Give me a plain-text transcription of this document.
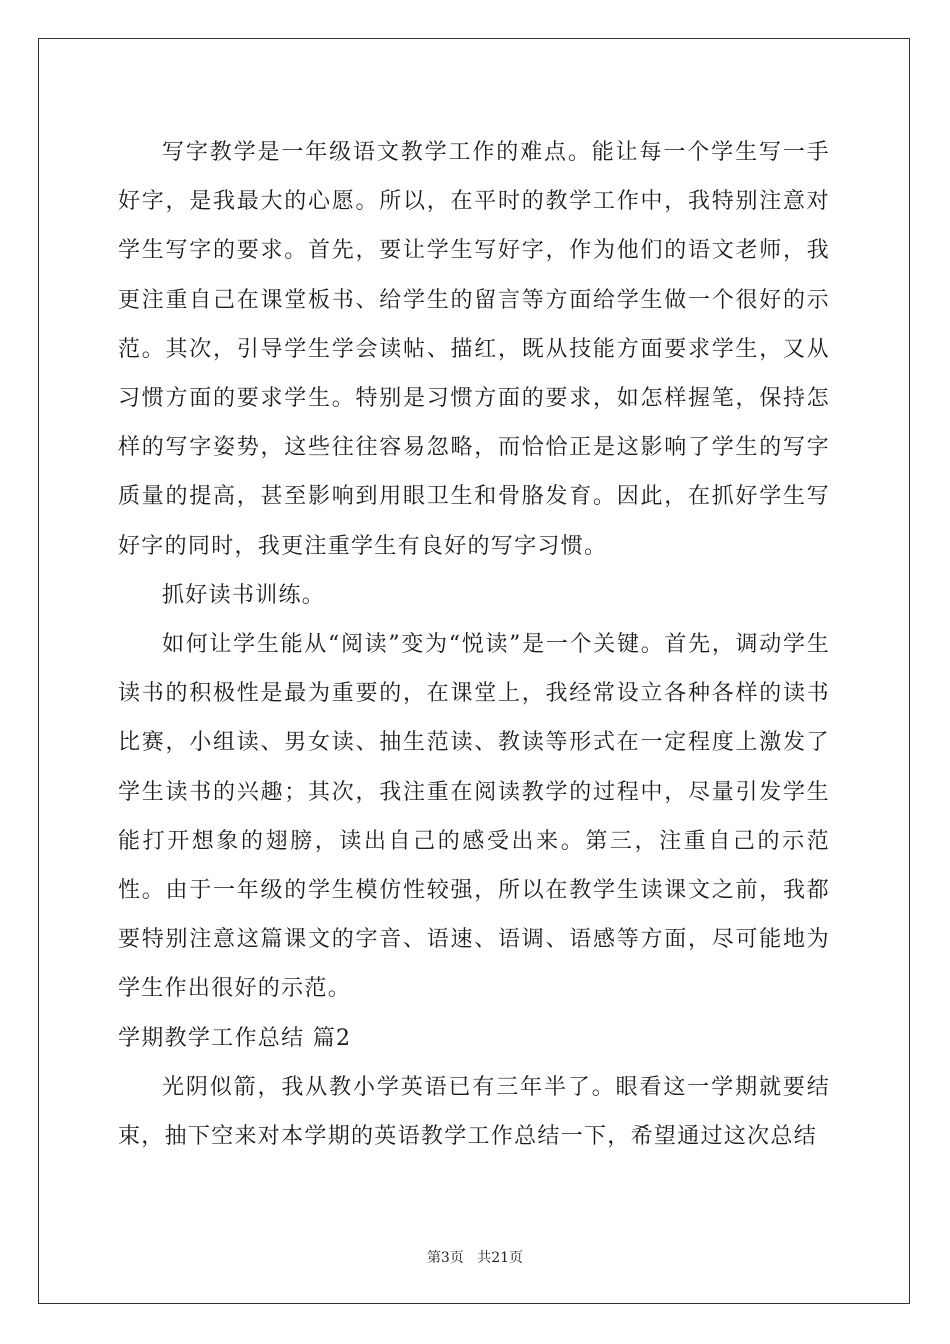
写字教学是一年级语文教学工作的难点。能让每一个学生写一手好字，是我最大的心愿。所以，在平时的教学工作中，我特别注意对学生写字的要求。首先，要让学生写好字，作为他们的语文老师，我更注重自己在课堂板书、给学生的留言等方面给学生做一个很好的示范。其次，引导学生学会读帖、描红，既从技能方面要求学生，又从习惯方面的要求学生。特别是习惯方面的要求，如怎样握笔，保持怎样的写字姿势，这些往往容易忽略，而恰恰正是这影响了学生的写字质量的提高，甚至影响到用眼卫生和骨胳发育。因此，在抓好学生写好字的同时，我更注重学生有良好的写字习惯。

抓好读书训练。

如何让学生能从“阅读”变为“悦读”是一个关键。首先，调动学生读书的积极性是最为重要的，在课堂上，我经常设立各种各样的读书比赛，小组读、男女读、抽生范读、教读等形式在一定程度上激发了学生读书的兴趣；其次，我注重在阅读教学的过程中，尽量引发学生能打开想象的翅膀，读出自己的感受出来。第三，注重自己的示范性。由于一年级的学生模仿性较强，所以在教学生读课文之前，我都要特别注意这篇课文的字音、语速、语调、语感等方面，尽可能地为学生作出很好的示范。

学期教学工作总结 篇2

光阴似箭，我从教小学英语已有三年半了。眼看这一学期就要结束，抽下空来对本学期的英语教学工作总结一下，希望通过这次总结

第3页 共21页
